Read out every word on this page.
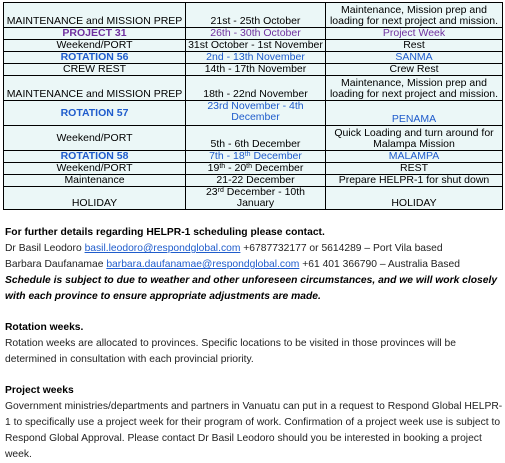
MAINTENANCE and MISSION PREP	21st - 25th October	Maintenance, Mission prep and loading for next project and mission.
PROJECT 31	26th - 30th October	Project Week
Weekend/PORT	31st October - 1st November	Rest
ROTATION 56	2nd - 13th November	SANMA
CREW REST	14th - 17th November	Crew Rest
MAINTENANCE and MISSION PREP	18th - 22nd November	Maintenance, Mission prep and loading for next project and mission.
ROTATION 57	23rd November - 4th December	PENAMA
Weekend/PORT	5th - 6th December	Quick Loading and turn around for Malampa Mission
ROTATION 58	7th - 18th December	MALAMPA
Weekend/PORT	19th - 20th December	REST
Maintenance	21-22 December	Prepare HELPR-1 for shut down
HOLIDAY	23rd December - 10th January	HOLIDAY

For further details regarding HELPR-1 scheduling please contact.

Dr Basil Leodoro basil.leodoro@respondglobal.com +6787732177 or 5614289 – Port Vila based

Barbara Daufanamae barbara.daufanamae@respondglobal.com +61 401 366790 – Australia Based

Schedule is subject to due to weather and other unforeseen circumstances, and we will work closely with each province to ensure appropriate adjustments are made.

Rotation weeks.

Rotation weeks are allocated to provinces. Specific locations to be visited in those provinces will be determined in consultation with each provincial priority.

Project weeks

Government ministries/departments and partners in Vanuatu can put in a request to Respond Global HELPR-1 to specifically use a project week for their program of work. Confirmation of a project week use is subject to Respond Global Approval. Please contact Dr Basil Leodoro should you be interested in booking a project week.
